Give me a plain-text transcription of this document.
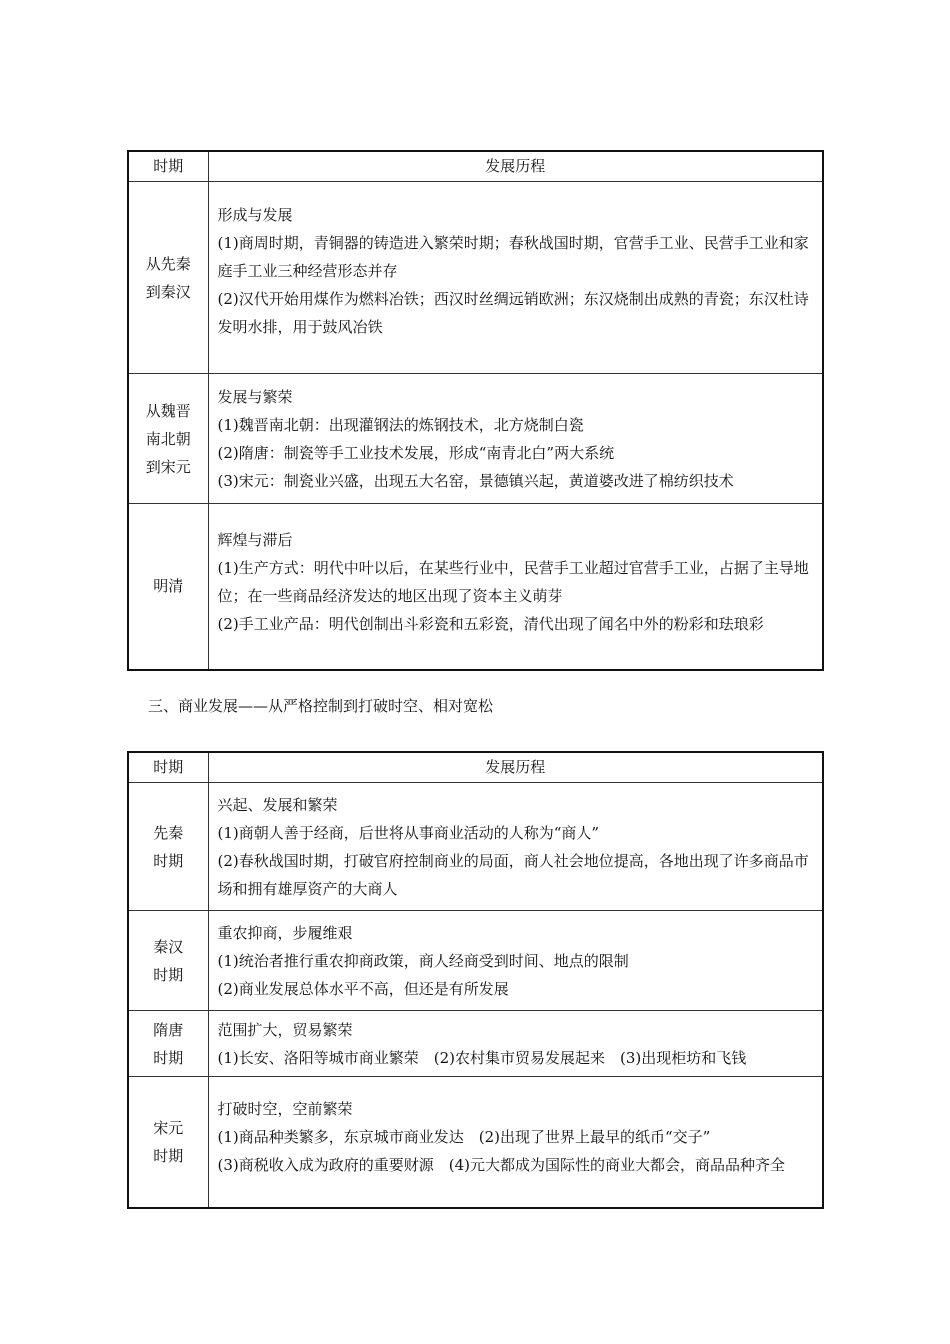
时期	发展历程

从先秦
到秦汉	形成与发展
(1)商周时期，青铜器的铸造进入繁荣时期；春秋战国时期，官营手工业、民营手工业和家庭手工业三种经营形态并存
(2)汉代开始用煤作为燃料冶铁；西汉时丝绸远销欧洲；东汉烧制出成熟的青瓷；东汉杜诗发明水排，用于鼓风冶铁

从魏晋
南北朝
到宋元	发展与繁荣
(1)魏晋南北朝：出现灌钢法的炼钢技术，北方烧制白瓷
(2)隋唐：制瓷等手工业技术发展，形成“南青北白”两大系统
(3)宋元：制瓷业兴盛，出现五大名窑，景德镇兴起，黄道婆改进了棉纺织技术

明清	辉煌与滞后
(1)生产方式：明代中叶以后，在某些行业中，民营手工业超过官营手工业，占据了主导地位；在一些商品经济发达的地区出现了资本主义萌芽
(2)手工业产品：明代创制出斗彩瓷和五彩瓷，清代出现了闻名中外的粉彩和珐琅彩
三、商业发展——从严格控制到打破时空、相对宽松
时期	发展历程

先秦
时期	兴起、发展和繁荣
(1)商朝人善于经商，后世将从事商业活动的人称为“商人”
(2)春秋战国时期，打破官府控制商业的局面，商人社会地位提高，各地出现了许多商品市场和拥有雄厚资产的大商人

秦汉
时期	重农抑商，步履维艰
(1)统治者推行重农抑商政策，商人经商受到时间、地点的限制
(2)商业发展总体水平不高，但还是有所发展

隋唐
时期	范围扩大，贸易繁荣
(1)长安、洛阳等城市商业繁荣　(2)农村集市贸易发展起来　(3)出现柜坊和飞钱

宋元
时期	打破时空，空前繁荣
(1)商品种类繁多，东京城市商业发达　(2)出现了世界上最早的纸币“交子”
(3)商税收入成为政府的重要财源　(4)元大都成为国际性的商业大都会，商品品种齐全
